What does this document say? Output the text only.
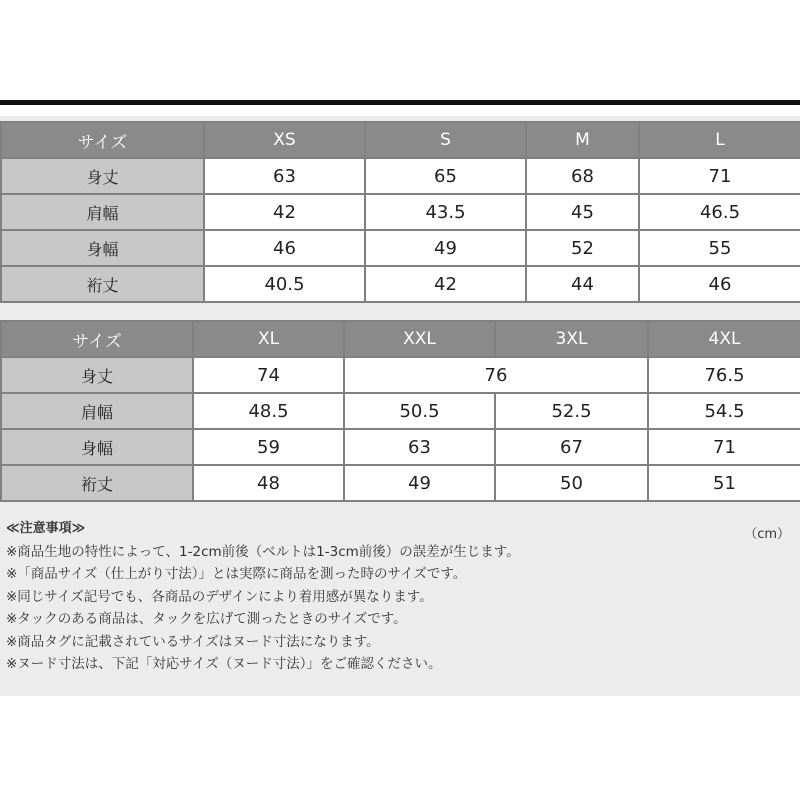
サイズ	XS	S	M	L
身丈	63	65	68	71
肩幅	42	43.5	45	46.5
身幅	46	49	52	55
裄丈	40.5	42	44	46
サイズ	XL	XXL	3XL	4XL
身丈	74	76		76.5
肩幅	48.5	50.5	52.5	54.5
身幅	59	63	67	71
裄丈	48	49	50	51
≪注意事項≫
※商品生地の特性によって、1-2cm前後（ベルトは1-3cm前後）の誤差が生じます。
※「商品サイズ（仕上がり寸法）」とは実際に商品を測った時のサイズです。
※同じサイズ記号でも、各商品のデザインにより着用感が異なります。
※タックのある商品は、タックを広げて測ったときのサイズです。
※商品タグに記載されているサイズはヌード寸法になります。
※ヌード寸法は、下記「対応サイズ（ヌード寸法）」をご確認ください。
（cm）
